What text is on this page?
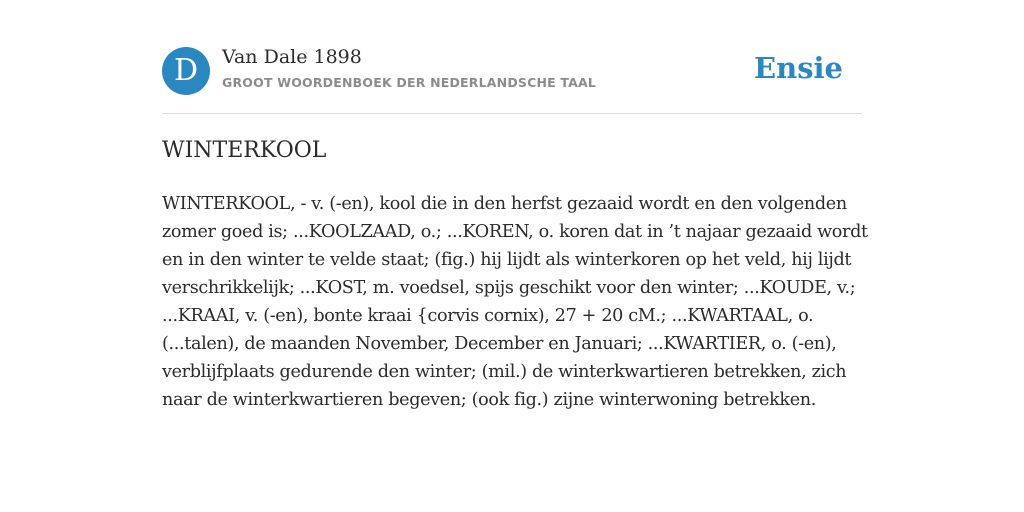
D	Van Dale 1898
GROOT WOORDENBOEK DER NEDERLANDSCHE TAAL	Ensie
WINTERKOOL

WINTERKOOL, - v. (-en), kool die in den herfst gezaaid wordt en den volgenden
zomer goed is; ...KOOLZAAD, o.; ...KOREN, o. koren dat in ’t najaar gezaaid wordt
en in den winter te velde staat; (fig.) hij lijdt als winterkoren op het veld, hij lijdt
verschrikkelijk; ...KOST, m. voedsel, spijs geschikt voor den winter; ...KOUDE, v.;
...KRAAI, v. (-en), bonte kraai {corvis cornix), 27 + 20 cM.; ...KWARTAAL, o.
(...talen), de maanden November, December en Januari; ...KWARTIER, o. (-en),
verblijfplaats gedurende den winter; (mil.) de winterkwartieren betrekken, zich
naar de winterkwartieren begeven; (ook fig.) zijne winterwoning betrekken.
